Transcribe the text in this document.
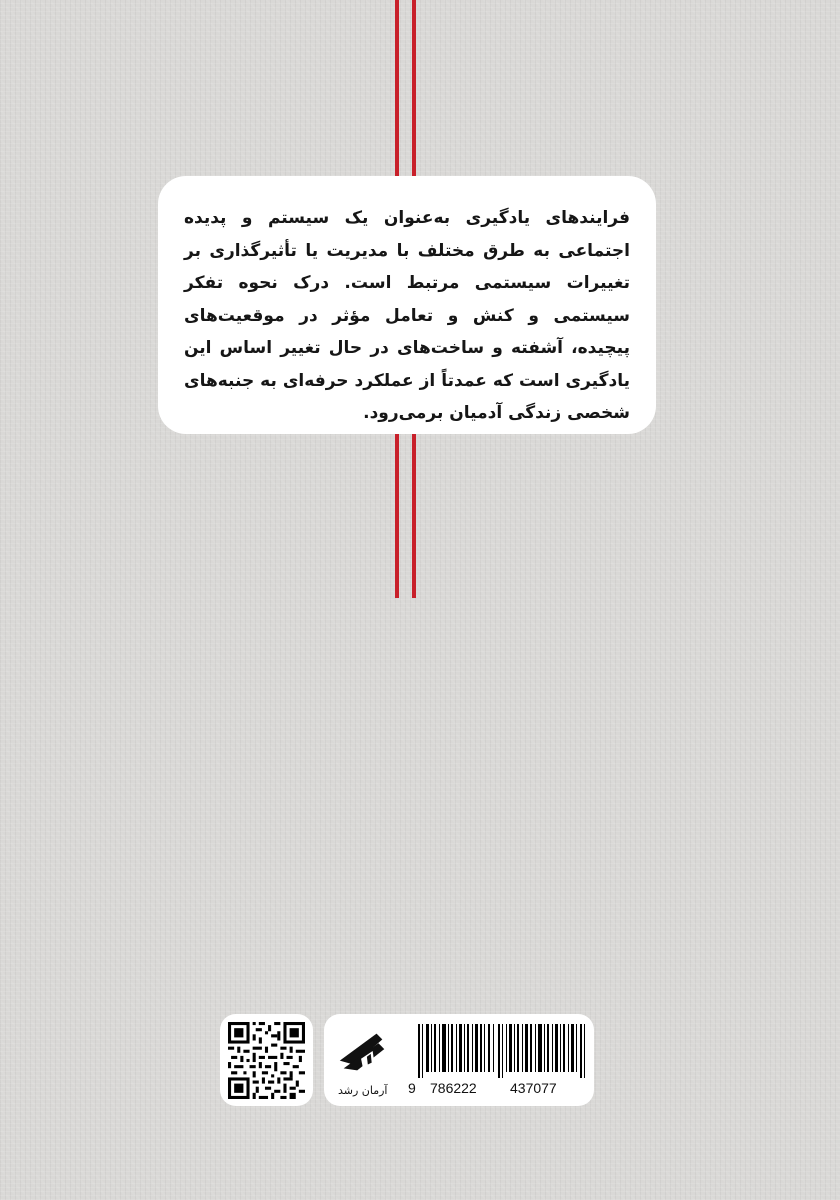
فرایندهای یادگیری به‌عنوان یک سیستم و پدیده اجتماعی به طرق مختلف با مدیریت یا تأثیرگذاری بر تغییرات سیستمی مرتبط است. درک نحوه تفکر سیستمی و کنش و تعامل مؤثر در موقعیت‌های پیچیده، آشفته و ساخت‌های در حال تغییر اساس این یادگیری است که عمدتاً از عملکرد حرفه‌ای به جنبه‌های شخصی زندگی آدمیان برمی‌رود.

آرمان رشد 9 786222 437077
